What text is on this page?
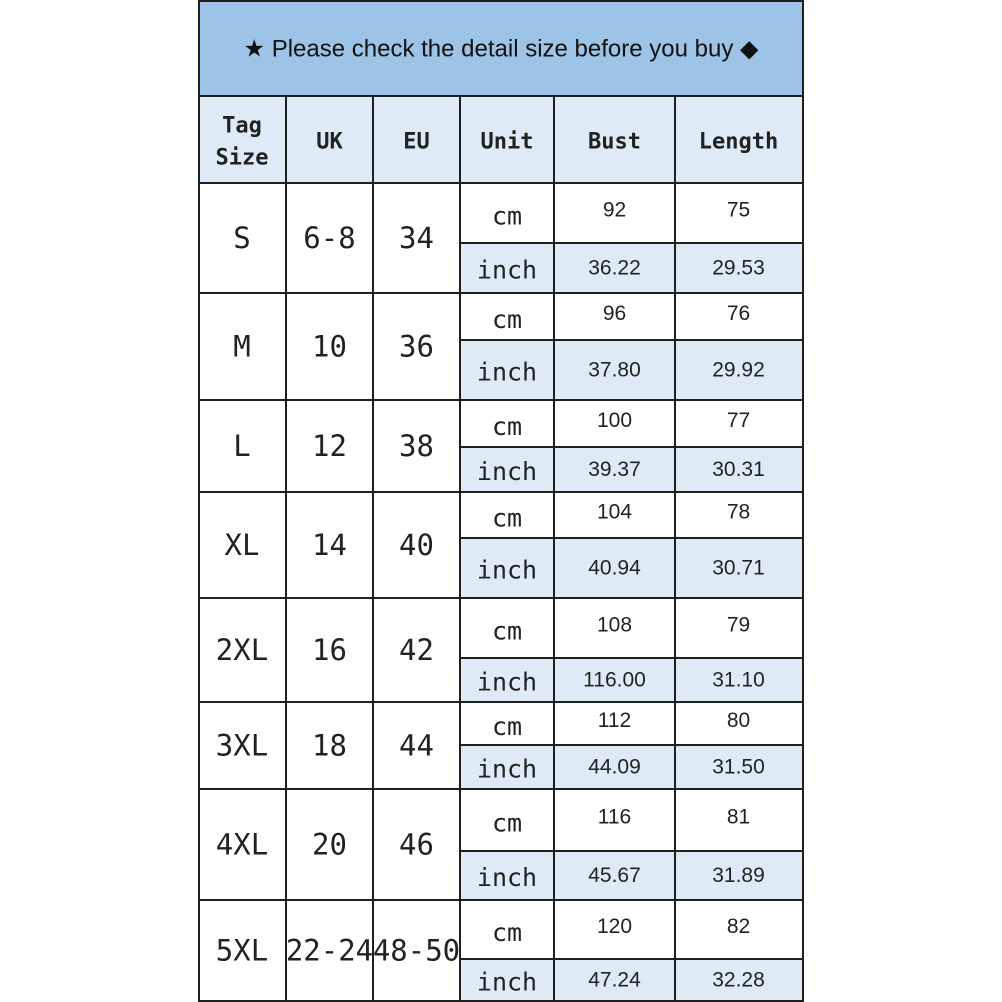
★ Please check the detail size before you buy ◆
Tag
Size
UK	EU Unit Bust	Length
S 6-8 34
cm	92	75
inch 36.22	29.53
M 10 36
cm	96	76
inch 37.80	29.92
L 12 38
cm	100	77
inch 39.37	30.31
XL 14 40
cm	104	78
inch 40.94	30.71
2XL 16 42
cm	108	79
inch 116.00	31.10
3XL 18 44
cm	112	80
inch 44.09	31.50
4XL 20 46
cm	116	81
inch 45.67	31.89
5XL 22-24 48-50
cm	120	82
inch 47.24	32.28
